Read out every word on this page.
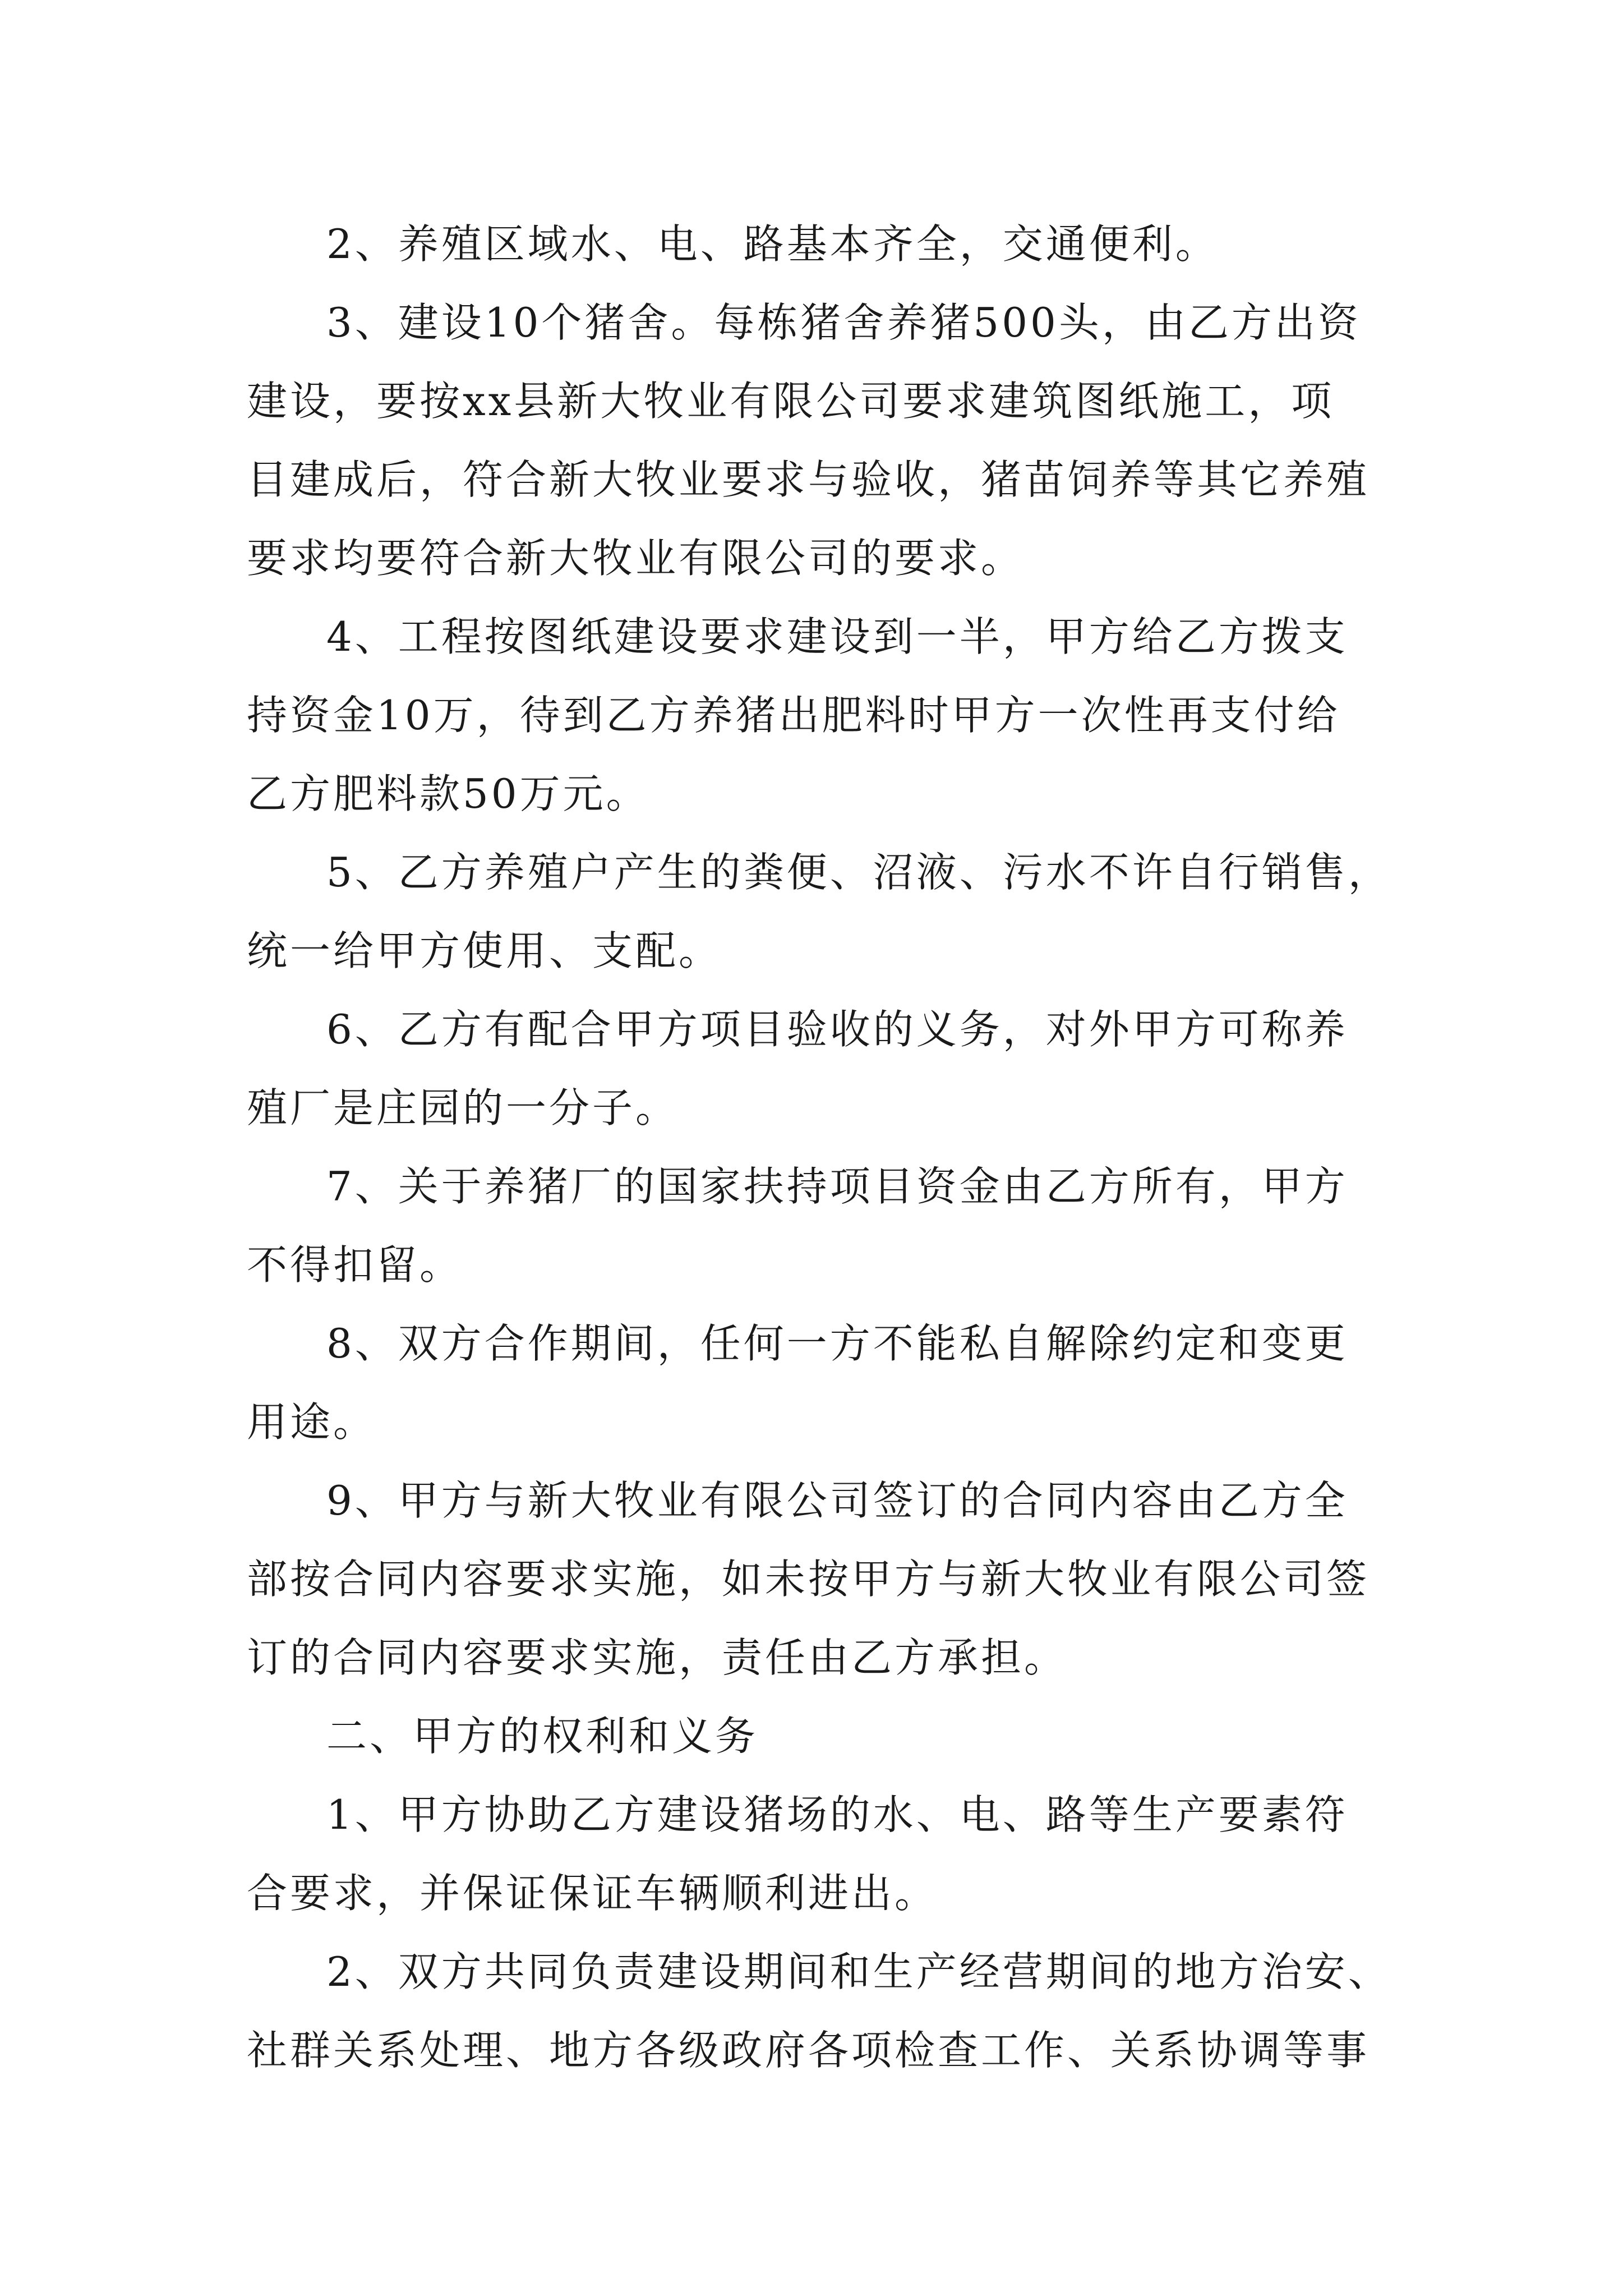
2、养殖区域水、电、路基本齐全，交通便利。
3、建设10个猪舍。每栋猪舍养猪500头，由乙方出资
建设，要按xx县新大牧业有限公司要求建筑图纸施工，项
目建成后，符合新大牧业要求与验收，猪苗饲养等其它养殖
要求均要符合新大牧业有限公司的要求。
4、工程按图纸建设要求建设到一半，甲方给乙方拨支
持资金10万，待到乙方养猪出肥料时甲方一次性再支付给
乙方肥料款50万元。
5、乙方养殖户产生的粪便、沼液、污水不许自行销售，
统一给甲方使用、支配。
6、乙方有配合甲方项目验收的义务，对外甲方可称养
殖厂是庄园的一分子。
7、关于养猪厂的国家扶持项目资金由乙方所有，甲方
不得扣留。
8、双方合作期间，任何一方不能私自解除约定和变更
用途。
9、甲方与新大牧业有限公司签订的合同内容由乙方全
部按合同内容要求实施，如未按甲方与新大牧业有限公司签
订的合同内容要求实施，责任由乙方承担。
二、甲方的权利和义务
1、甲方协助乙方建设猪场的水、电、路等生产要素符
合要求，并保证保证车辆顺利进出。
2、双方共同负责建设期间和生产经营期间的地方治安、
社群关系处理、地方各级政府各项检查工作、关系协调等事
